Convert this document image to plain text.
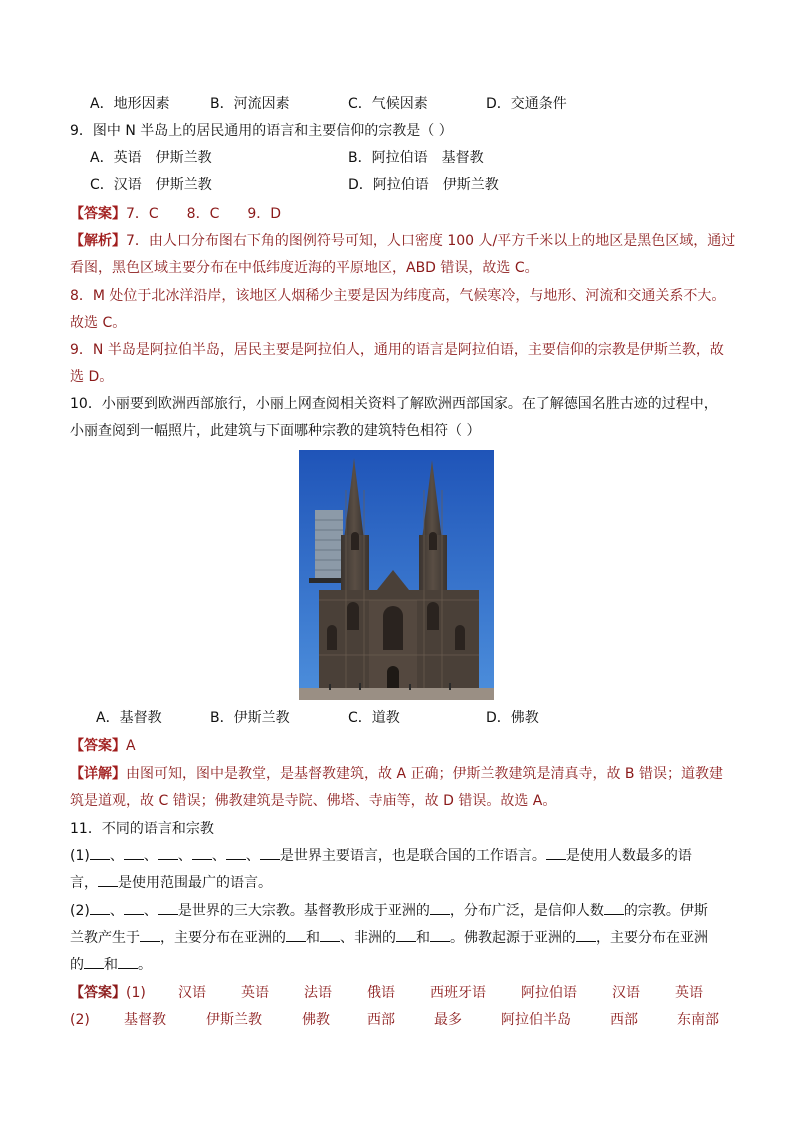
A．地形因素	B．河流因素	C．气候因素	D．交通条件
9．图中 N 半岛上的居民通用的语言和主要信仰的宗教是（ ）
A．英语　伊斯兰教	B．阿拉伯语　基督教
C．汉语　伊斯兰教	D．阿拉伯语　伊斯兰教
【答案】7．C　　8．C　　9．D
【解析】7．由人口分布图右下角的图例符号可知，人口密度 100 人/平方千米以上的地区是黑色区域，通过
看图，黑色区域主要分布在中低纬度近海的平原地区，ABD 错误，故选 C。
8．M 处位于北冰洋沿岸，该地区人烟稀少主要是因为纬度高，气候寒冷，与地形、河流和交通关系不大。
故选 C。
9．N 半岛是阿拉伯半岛，居民主要是阿拉伯人，通用的语言是阿拉伯语，主要信仰的宗教是伊斯兰教，故
选 D。
10．小丽要到欧洲西部旅行，小丽上网查阅相关资料了解欧洲西部国家。在了解德国名胜古迹的过程中，
小丽查阅到一幅照片，此建筑与下面哪种宗教的建筑特色相符（ ）
A．基督教	B．伊斯兰教	C．道教	D．佛教
【答案】A
【详解】由图可知，图中是教堂，是基督教建筑，故 A 正确；伊斯兰教建筑是清真寺，故 B 错误；道教建
筑是道观，故 C 错误；佛教建筑是寺院、佛塔、寺庙等，故 D 错误。故选 A。
11．不同的语言和宗教
(1) 、 、 、 、 、 是世界主要语言，也是联合国的工作语言。 是使用人数最多的语
言， 是使用范围最广的语言。
(2) 、 、 是世界的三大宗教。基督教形成于亚洲的 ，分布广泛，是信仰人数 的宗教。伊斯
兰教产生于 ，主要分布在亚洲的 和 、非洲的 和 。佛教起源于亚洲的 ，主要分布在亚洲
的 和 。
【答案】 (1) 汉语	英语	法语	俄语	西班牙语	阿拉伯语	汉语	英语
(2) 基督教	伊斯兰教	佛教	西部	最多	阿拉伯半岛	西部	东南部
